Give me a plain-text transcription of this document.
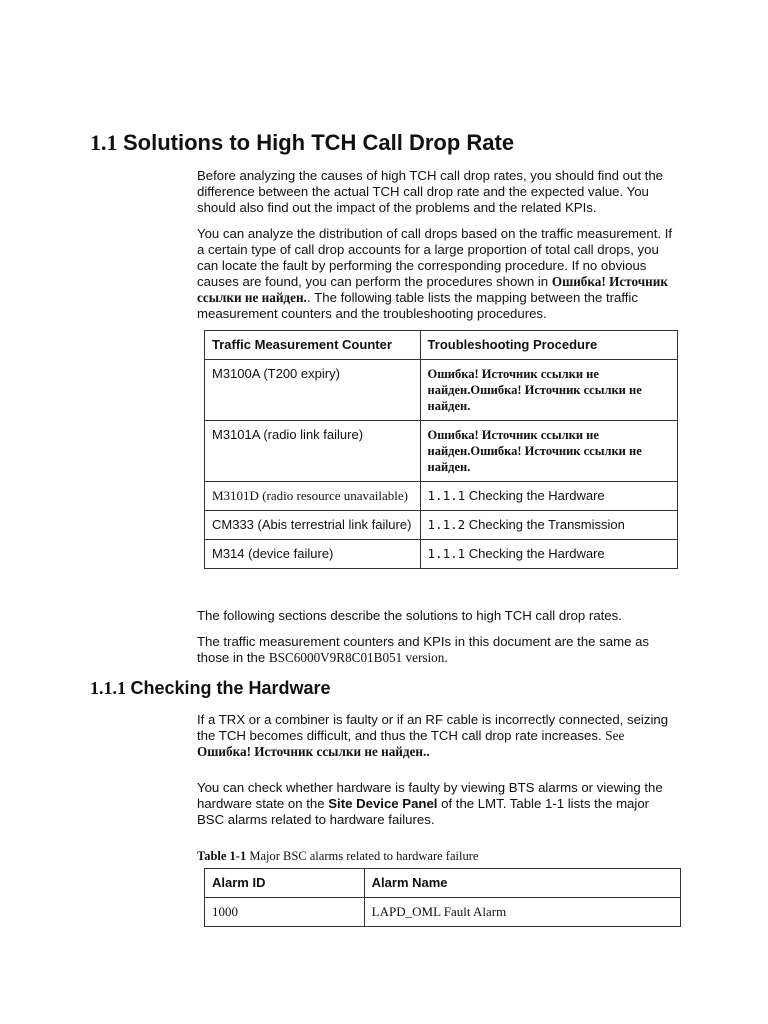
1.1 Solutions to High TCH Call Drop Rate

Before analyzing the causes of high TCH call drop rates, you should find out the difference between the actual TCH call drop rate and the expected value. You should also find out the impact of the problems and the related KPIs.

You can analyze the distribution of call drops based on the traffic measurement. If a certain type of call drop accounts for a large proportion of total call drops, you can locate the fault by performing the corresponding procedure. If no obvious causes are found, you can perform the procedures shown in Ошибка! Источник ссылки не найден.. The following table lists the mapping between the traffic measurement counters and the troubleshooting procedures.

Traffic Measurement Counter	Troubleshooting Procedure
M3100A (T200 expiry)	Ошибка! Источник ссылки не найден.Ошибка! Источник ссылки не найден.
M3101A (radio link failure)	Ошибка! Источник ссылки не найден.Ошибка! Источник ссылки не найден.
M3101D (radio resource unavailable)	1.1.1 Checking the Hardware
CM333 (Abis terrestrial link failure)	1.1.2 Checking the Transmission
M314 (device failure)	1.1.1 Checking the Hardware

The following sections describe the solutions to high TCH call drop rates.

The traffic measurement counters and KPIs in this document are the same as those in the BSC6000V9R8C01B051 version.

1.1.1 Checking the Hardware

If a TRX or a combiner is faulty or if an RF cable is incorrectly connected, seizing the TCH becomes difficult, and thus the TCH call drop rate increases. See
Ошибка! Источник ссылки не найден..

You can check whether hardware is faulty by viewing BTS alarms or viewing the hardware state on the Site Device Panel of the LMT. Table 1-1 lists the major BSC alarms related to hardware failures.

Table 1-1 Major BSC alarms related to hardware failure
Alarm ID	Alarm Name
1000	LAPD_OML Fault Alarm
